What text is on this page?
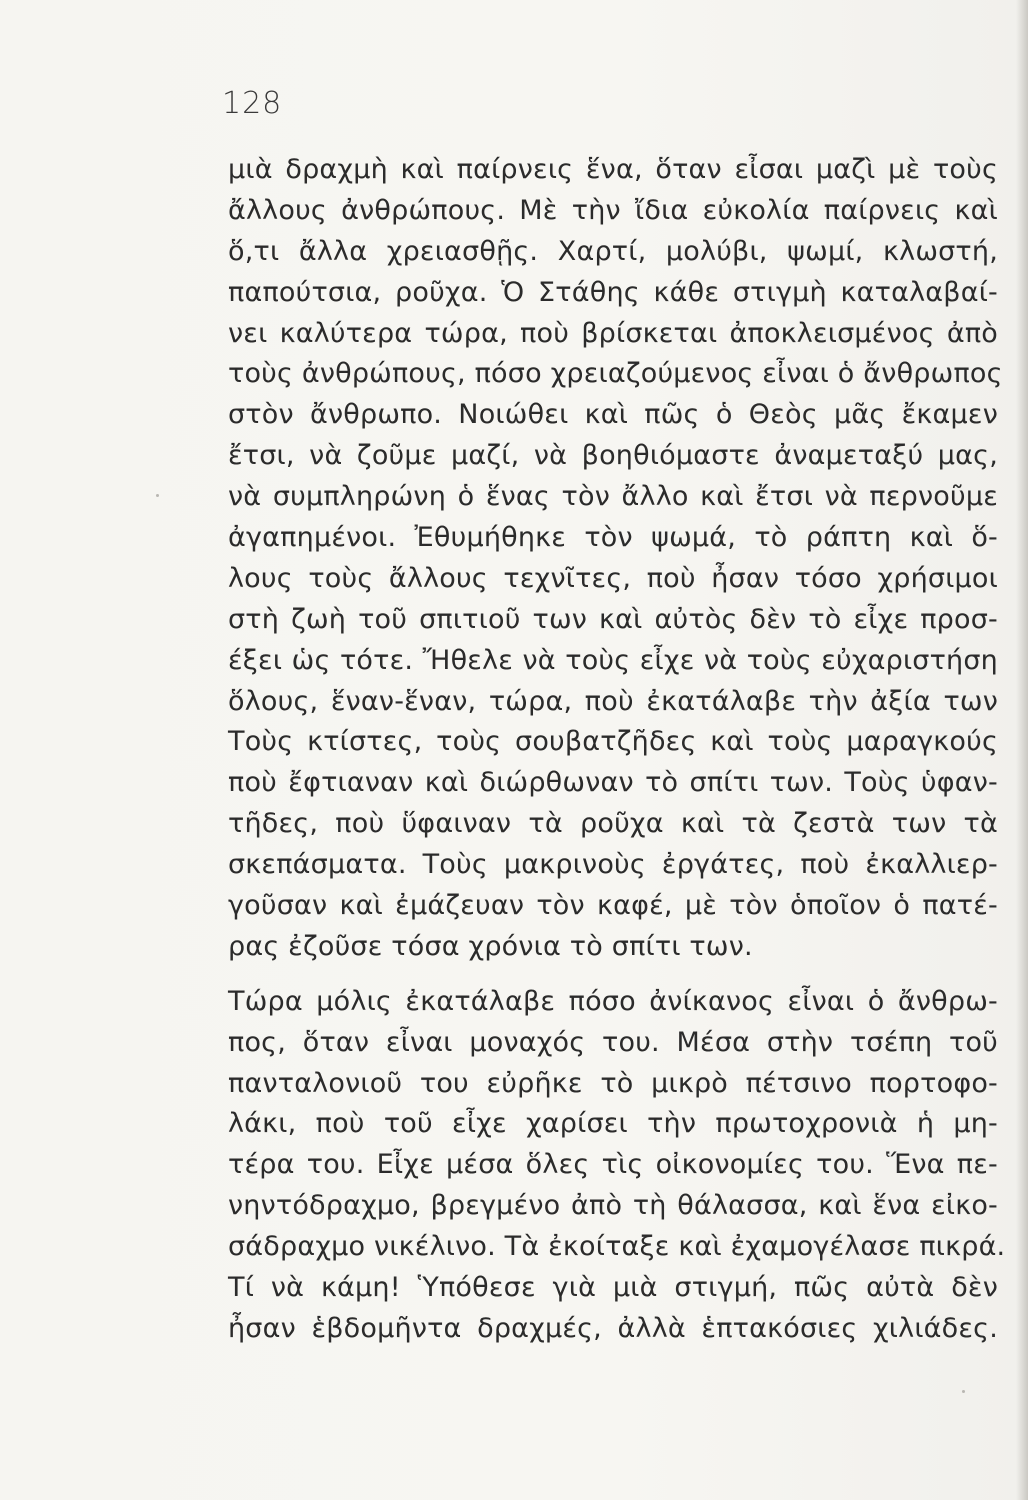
128
μιὰ δραχμὴ καὶ παίρνεις ἕνα, ὅταν εἶσαι μαζὶ μὲ τοὺς
ἄλλους ἀνθρώπους. Μὲ τὴν ἴδια εὐκολία παίρνεις καὶ
ὅ,τι ἄλλα χρειασθῇς. Χαρτί, μολύβι, ψωμί, κλωστή,
παπούτσια, ροῦχα. Ὁ Στάθης κάθε στιγμὴ καταλαβαί-
νει καλύτερα τώρα, ποὺ βρίσκεται ἀποκλεισμένος ἀπὸ
τοὺς ἀνθρώπους, πόσο χρειαζούμενος εἶναι ὁ ἄνθρωπος
στὸν ἄνθρωπο. Νοιώθει καὶ πῶς ὁ Θεὸς μᾶς ἔκαμεν
ἔτσι, νὰ ζοῦμε μαζί, νὰ βοηθιόμαστε ἀναμεταξύ μας,
νὰ συμπληρώνη ὁ ἕνας τὸν ἄλλο καὶ ἔτσι νὰ περνοῦμε
ἀγαπημένοι. Ἐθυμήθηκε τὸν ψωμά, τὸ ράπτη καὶ ὅ-
λους τοὺς ἄλλους τεχνῖτες, ποὺ ἦσαν τόσο χρήσιμοι
στὴ ζωὴ τοῦ σπιτιοῦ των καὶ αὐτὸς δὲν τὸ εἶχε προσ-
έξει ὡς τότε. Ἤθελε νὰ τοὺς εἶχε νὰ τοὺς εὐχαριστήση
ὅλους, ἕναν-ἕναν, τώρα, ποὺ ἐκατάλαβε τὴν ἀξία των
Τοὺς κτίστες, τοὺς σουβατζῆδες καὶ τοὺς μαραγκούς
ποὺ ἔφτιαναν καὶ διώρθωναν τὸ σπίτι των. Τοὺς ὑφαν-
τῆδες, ποὺ ὕφαιναν τὰ ροῦχα καὶ τὰ ζεστὰ των τὰ
σκεπάσματα. Τοὺς μακρινοὺς ἐργάτες, ποὺ ἐκαλλιερ-
γοῦσαν καὶ ἐμάζευαν τὸν καφέ, μὲ τὸν ὁποῖον ὁ πατέ-
ρας ἐζοῦσε τόσα χρόνια τὸ σπίτι των.
Τώρα μόλις ἐκατάλαβε πόσο ἀνίκανος εἶναι ὁ ἄνθρω-
πος, ὅταν εἶναι μοναχός του. Μέσα στὴν τσέπη τοῦ
πανταλονιοῦ του εὐρῆκε τὸ μικρὸ πέτσινο πορτοφο-
λάκι, ποὺ τοῦ εἶχε χαρίσει τὴν πρωτοχρονιὰ ἡ μη-
τέρα του. Εἶχε μέσα ὅλες τὶς οἰκονομίες του. Ἕνα πε-
νηντόδραχμο, βρεγμένο ἀπὸ τὴ θάλασσα, καὶ ἕνα εἰκο-
σάδραχμο νικέλινο. Τὰ ἐκοίταξε καὶ ἐχαμογέλασε πικρά.
Τί νὰ κάμη! Ὑπόθεσε γιὰ μιὰ στιγμή, πῶς αὐτὰ δὲν
ἦσαν ἑβδομῆντα δραχμές, ἀλλὰ ἑπτακόσιες χιλιάδες.
